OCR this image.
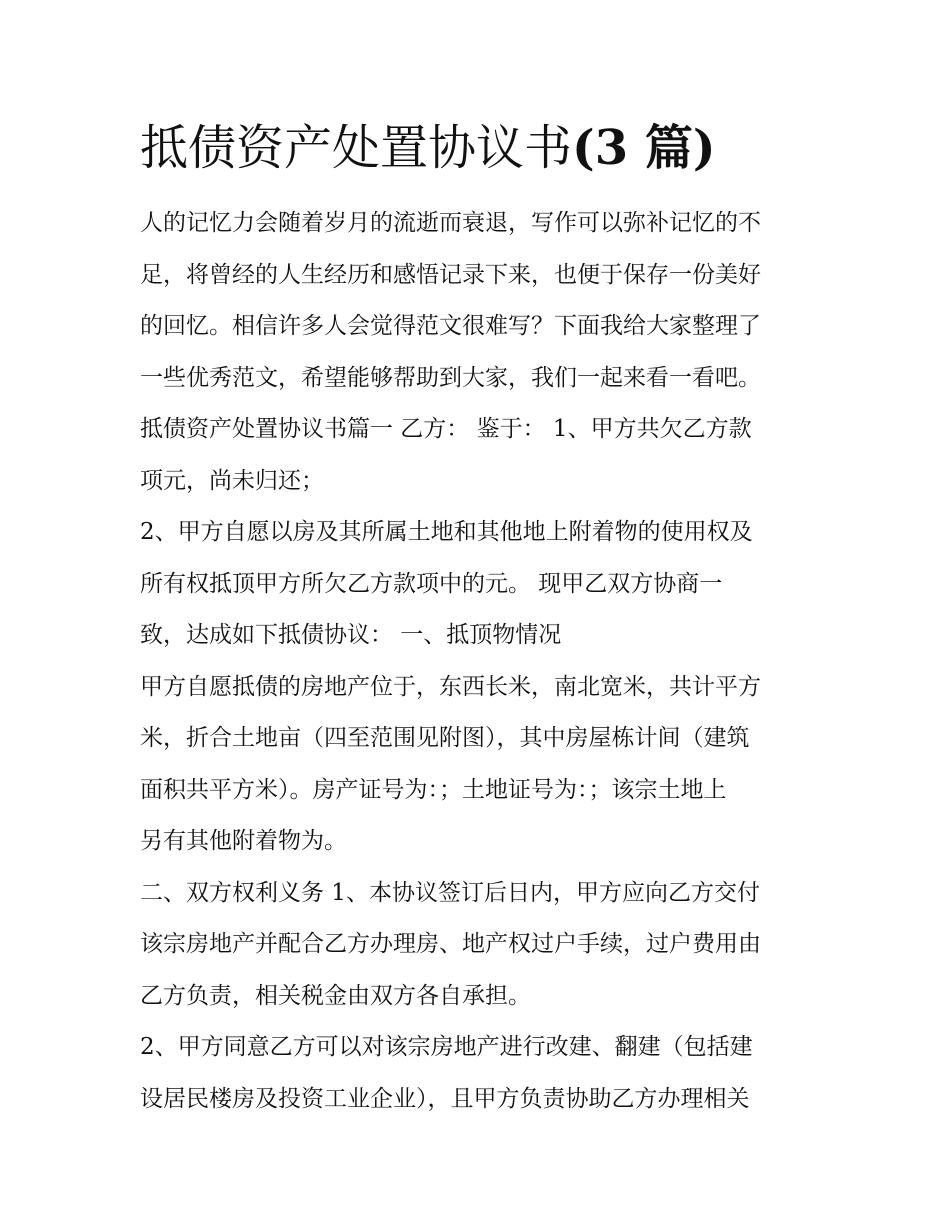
抵债资产处置协议书(3 篇)

人的记忆力会随着岁月的流逝而衰退，写作可以弥补记忆的不

足，将曾经的人生经历和感悟记录下来，也便于保存一份美好

的回忆。相信许多人会觉得范文很难写？下面我给大家整理了

一些优秀范文，希望能够帮助到大家，我们一起来看一看吧。

抵债资产处置协议书篇一 乙方： 鉴于： 1、甲方共欠乙方款

项元，尚未归还；

2、甲方自愿以房及其所属土地和其他地上附着物的使用权及

所有权抵顶甲方所欠乙方款项中的元。 现甲乙双方协商一

致，达成如下抵债协议： 一、抵顶物情况

甲方自愿抵债的房地产位于，东西长米，南北宽米，共计平方

米，折合土地亩（四至范围见附图），其中房屋栋计间（建筑

面积共平方米）。房产证号为：；土地证号为：；该宗土地上

另有其他附着物为。

二、双方权利义务 1、本协议签订后日内，甲方应向乙方交付

该宗房地产并配合乙方办理房、地产权过户手续，过户费用由

乙方负责，相关税金由双方各自承担。

2、甲方同意乙方可以对该宗房地产进行改建、翻建（包括建

设居民楼房及投资工业企业），且甲方负责协助乙方办理相关
